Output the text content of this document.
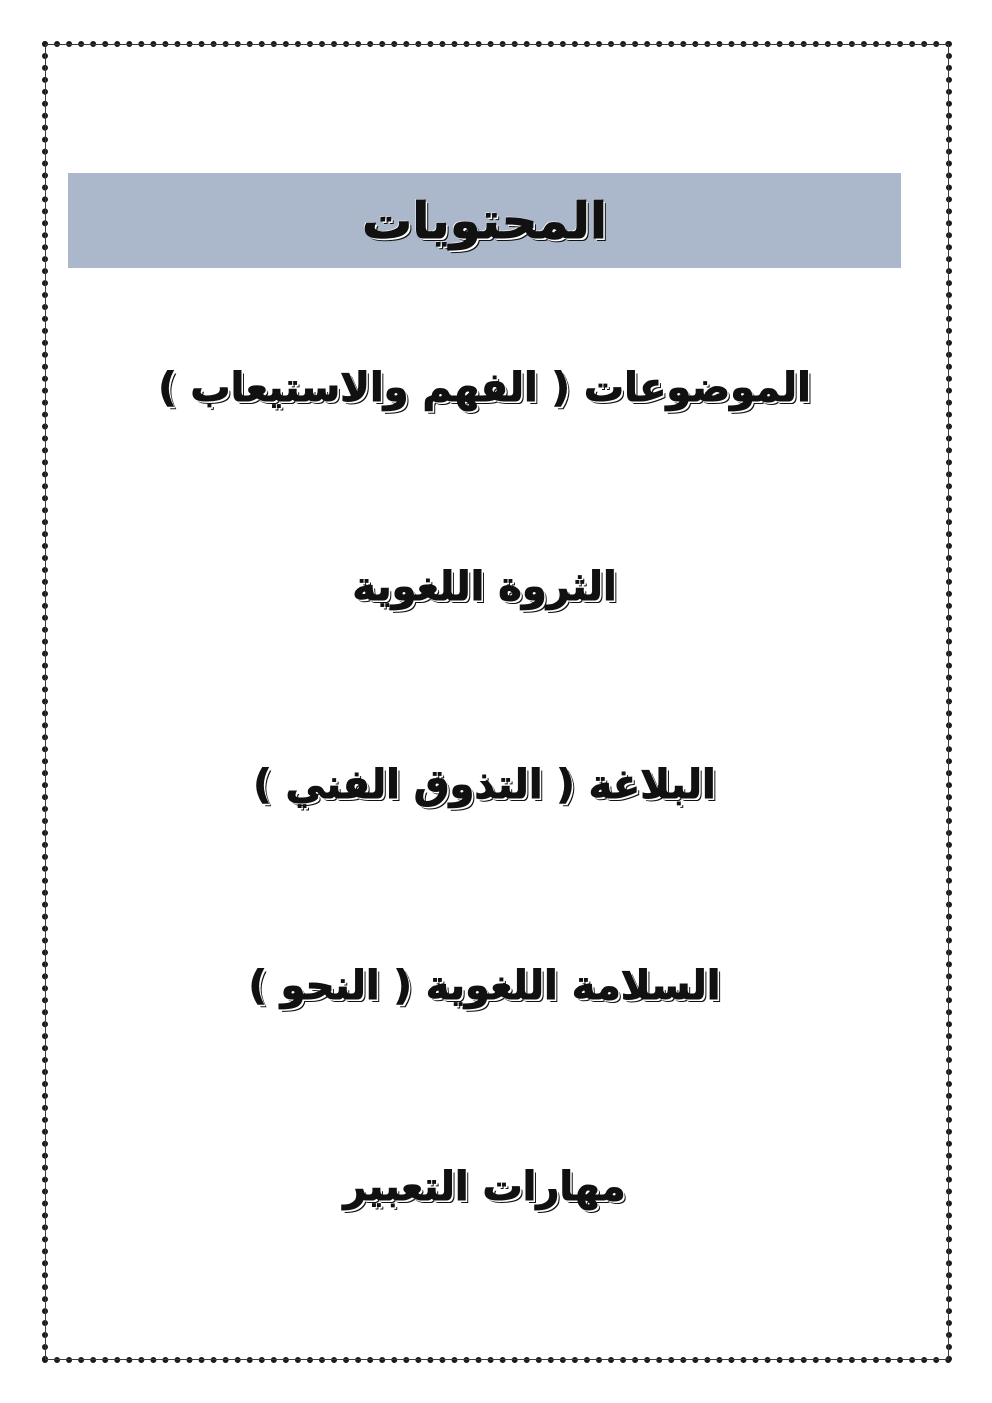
المحتويات
الموضوعات ( الفهم والاستيعاب )
الثروة اللغوية
البلاغة ( التذوق الفني )
السلامة اللغوية ( النحو )
مهارات التعبير
